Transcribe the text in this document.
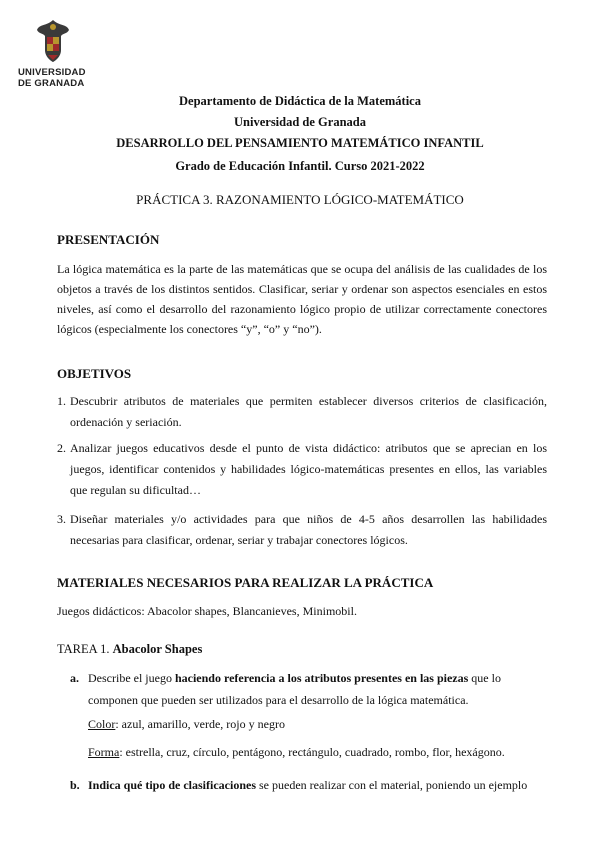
UNIVERSIDAD
DE GRANADA
Departamento de Didáctica de la Matemática
Universidad de Granada
DESARROLLO DEL PENSAMIENTO MATEMÁTICO INFANTIL
Grado de Educación Infantil. Curso 2021-2022
PRÁCTICA 3. RAZONAMIENTO LÓGICO-MATEMÁTICO
PRESENTACIÓN
La lógica matemática es la parte de las matemáticas que se ocupa del análisis de las cualidades de los objetos a través de los distintos sentidos. Clasificar, seriar y ordenar son aspectos esenciales en estos niveles, así como el desarrollo del razonamiento lógico propio de utilizar correctamente conectores lógicos (especialmente los conectores “y”, “o” y “no”).
OBJETIVOS
1. Descubrir atributos de materiales que permiten establecer diversos criterios de clasificación, ordenación y seriación.
2. Analizar juegos educativos desde el punto de vista didáctico: atributos que se aprecian en los juegos, identificar contenidos y habilidades lógico-matemáticas presentes en ellos, las variables que regulan su dificultad…
3. Diseñar materiales y/o actividades para que niños de 4-5 años desarrollen las habilidades necesarias para clasificar, ordenar, seriar y trabajar conectores lógicos.
MATERIALES NECESARIOS PARA REALIZAR LA PRÁCTICA
Juegos didácticos: Abacolor shapes, Blancanieves, Minimobil.
TAREA 1. Abacolor Shapes
a. Describe el juego haciendo referencia a los atributos presentes en las piezas que lo componen que pueden ser utilizados para el desarrollo de la lógica matemática.
Color: azul, amarillo, verde, rojo y negro
Forma: estrella, cruz, círculo, pentágono, rectángulo, cuadrado, rombo, flor, hexágono.
b. Indica qué tipo de clasificaciones se pueden realizar con el material, poniendo un ejemplo
